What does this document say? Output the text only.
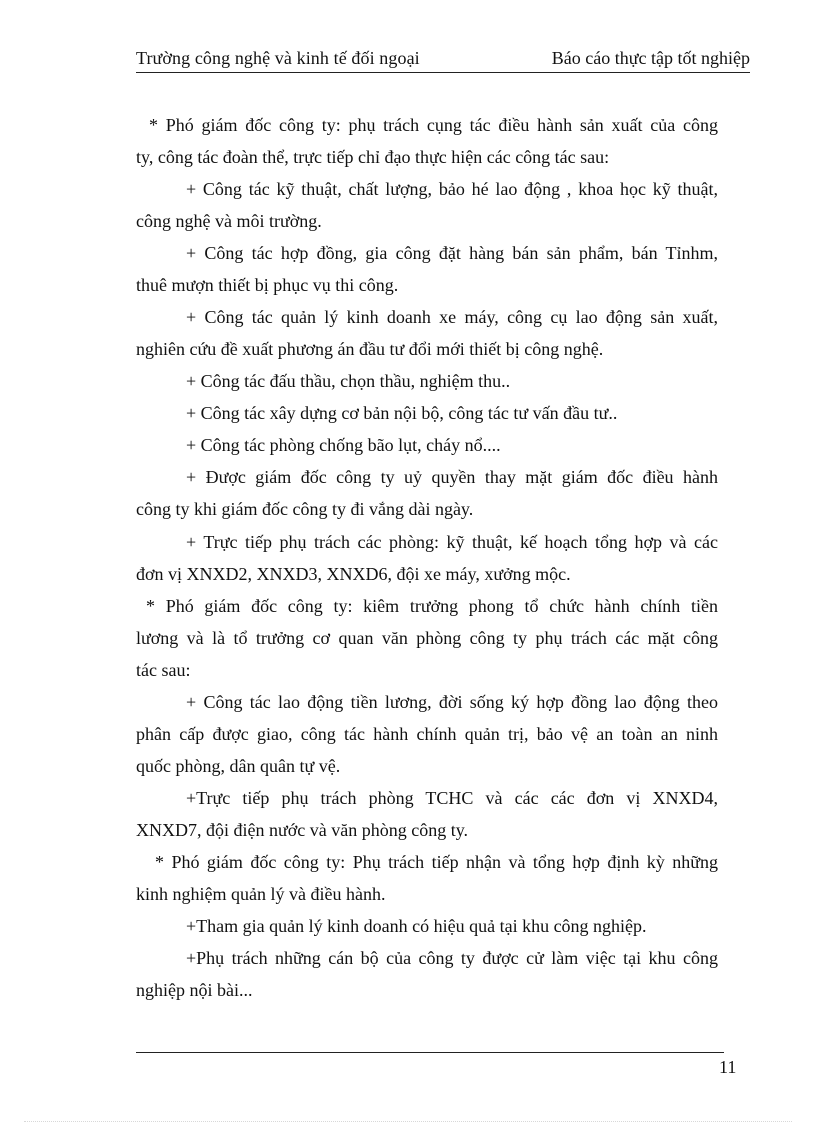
Trường công nghệ và kinh tế đối ngoại	Báo cáo thực tập tốt nghiệp
* Phó giám đốc công ty: phụ trách cụng tác điều hành sản xuất của công
ty, công tác đoàn thể, trực tiếp chỉ đạo thực hiện các công tác sau:
+ Công tác kỹ thuật, chất lượng, bảo hé lao động , khoa học kỹ thuật,
công nghệ và môi trường.
+ Công tác hợp đồng, gia công đặt hàng bán sản phẩm, bán Tỉnhm,
thuê mượn thiết bị phục vụ thi công.
+ Công tác quản lý kinh doanh xe máy, công cụ lao động sản xuất,
nghiên cứu đề xuất phương án đầu tư đổi mới thiết bị công nghệ.
+ Công tác đấu thầu, chọn thầu, nghiệm thu..
+ Công tác xây dựng cơ bản nội bộ, công tác tư vấn đầu tư..
+ Công tác phòng chống bão lụt, cháy nổ....
+ Được giám đốc công ty uỷ quyền thay mặt giám đốc điều hành
công ty khi giám đốc công ty đi vắng dài ngày.
+ Trực tiếp phụ trách các phòng: kỹ thuật, kế hoạch tổng hợp và các
đơn vị XNXD2, XNXD3, XNXD6, đội xe máy, xưởng mộc.
* Phó giám đốc công ty: kiêm trưởng phong tổ chức hành chính tiền
lương và là tổ trưởng cơ quan văn phòng công ty phụ trách các mặt công
tác sau:
+ Công tác lao động tiền lương, đời sống ký hợp đồng lao động theo
phân cấp được giao, công tác hành chính quản trị, bảo vệ an toàn an ninh
quốc phòng, dân quân tự vệ.
+Trực tiếp phụ trách phòng TCHC và các các đơn vị XNXD4,
XNXD7, đội điện nước và văn phòng công ty.
* Phó giám đốc công ty: Phụ trách tiếp nhận và tổng hợp định kỳ những
kinh nghiệm quản lý và điều hành.
+Tham gia quản lý kinh doanh có hiệu quả tại khu công nghiệp.
+Phụ trách những cán bộ của công ty được cử làm việc tại khu công
nghiệp nội bài...
11
